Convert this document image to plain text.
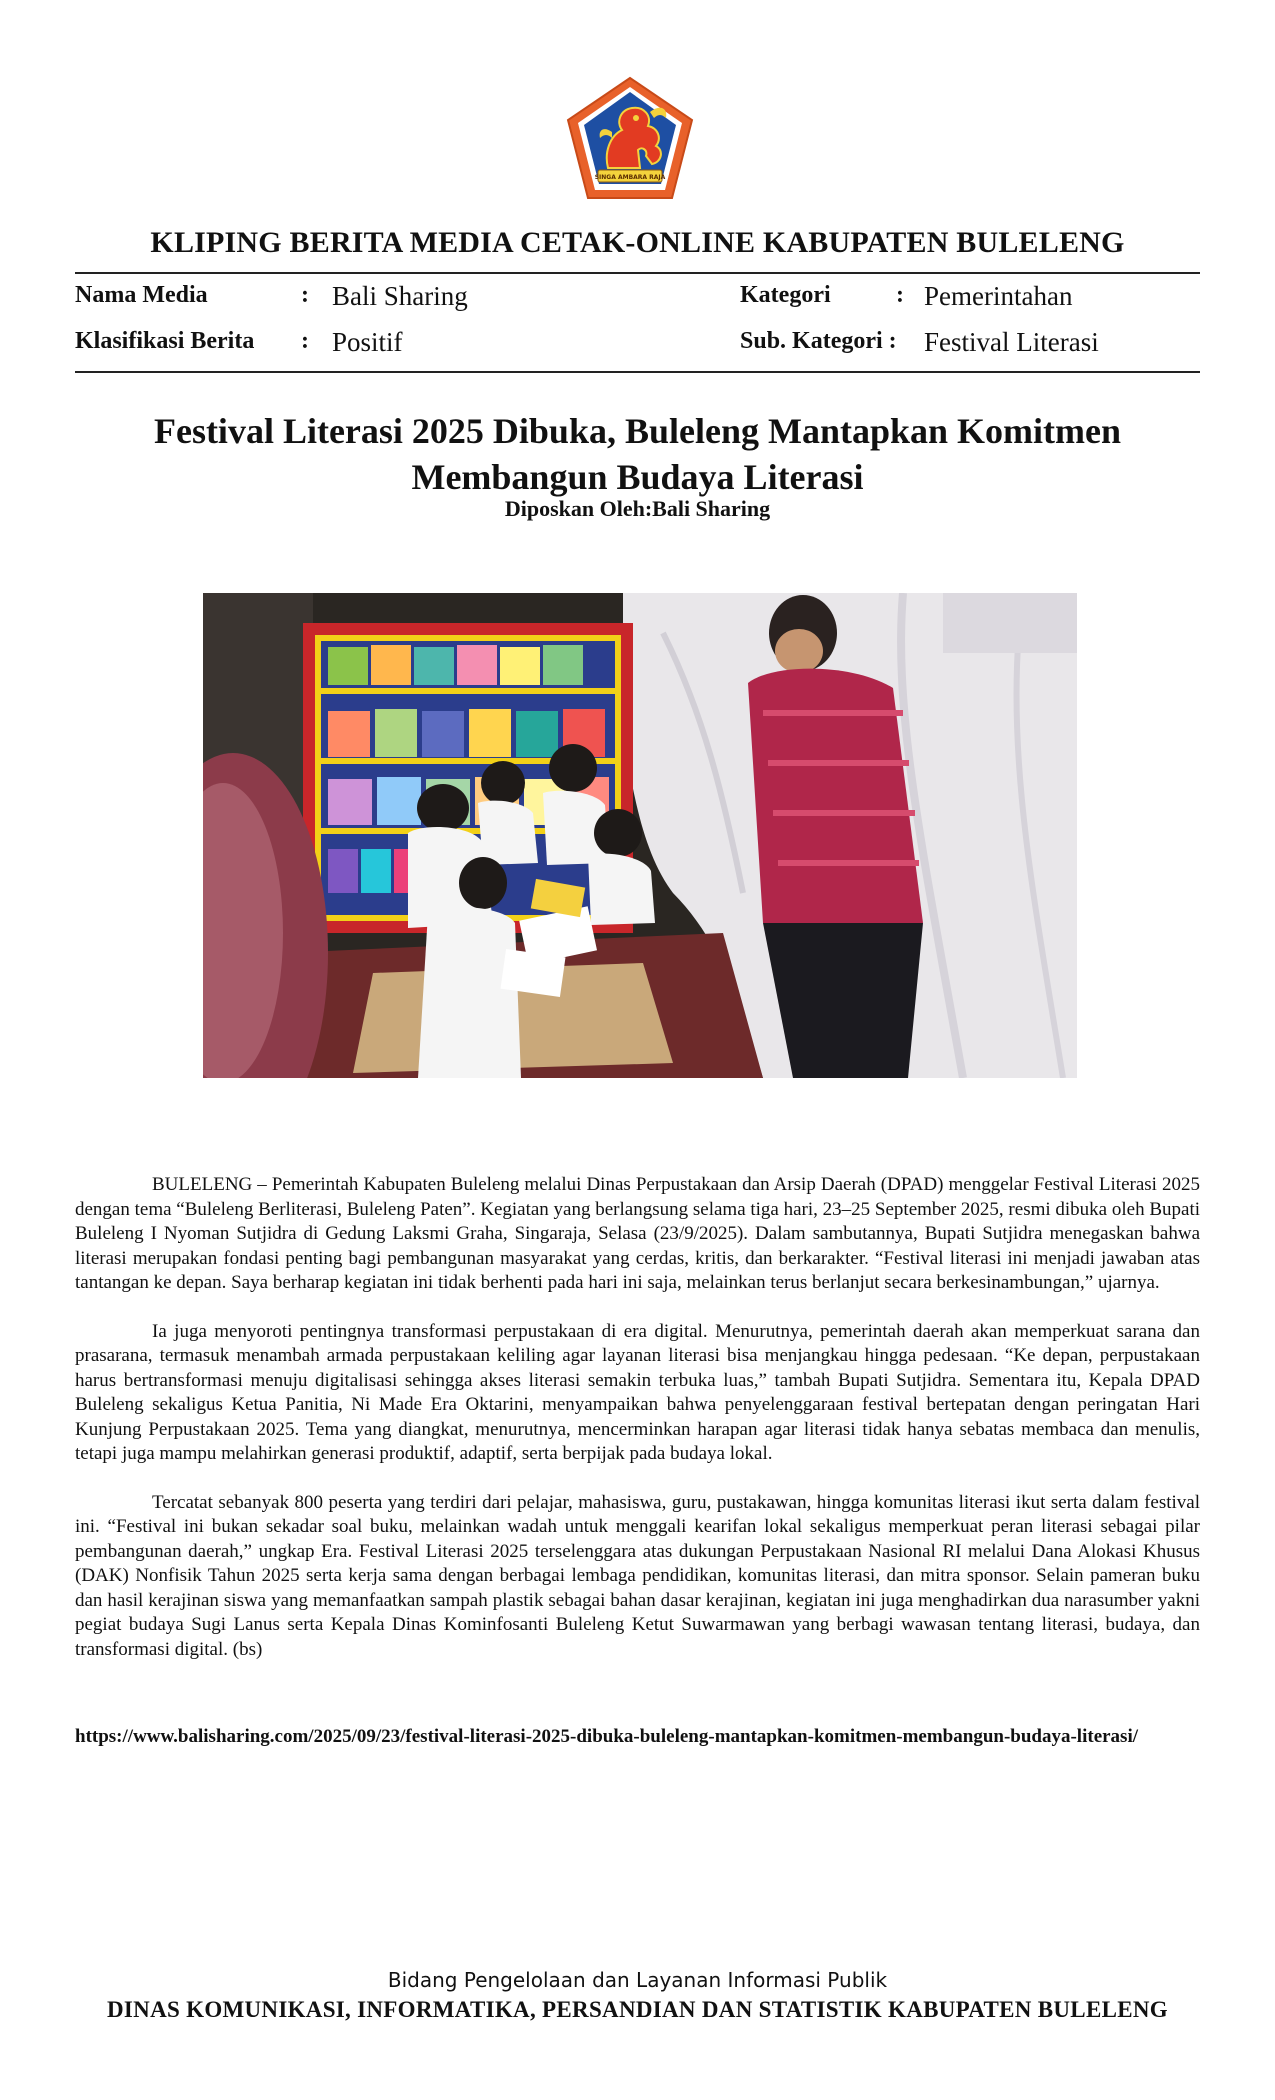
SINGA AMBARA RAJA
KLIPING BERITA MEDIA CETAK-ONLINE KABUPATEN BULELENG
Nama Media	: Bali Sharing
Klasifikasi Berita : Positif
Kategori	: Pemerintahan
Sub. Kategori : Festival Literasi
Festival Literasi 2025 Dibuka, Buleleng Mantapkan Komitmen Membangun Budaya Literasi
Diposkan Oleh:Bali Sharing

BULELENG – Pemerintah Kabupaten Buleleng melalui Dinas Perpustakaan dan Arsip Daerah (DPAD) menggelar Festival Literasi 2025 dengan tema “Buleleng Berliterasi, Buleleng Paten”. Kegiatan yang berlangsung selama tiga hari, 23–25 September 2025, resmi dibuka oleh Bupati Buleleng I Nyoman Sutjidra di Gedung Laksmi Graha, Singaraja, Selasa (23/9/2025). Dalam sambutannya, Bupati Sutjidra menegaskan bahwa literasi merupakan fondasi penting bagi pembangunan masyarakat yang cerdas, kritis, dan berkarakter. “Festival literasi ini menjadi jawaban atas tantangan ke depan. Saya berharap kegiatan ini tidak berhenti pada hari ini saja, melainkan terus berlanjut secara berkesinambungan,” ujarnya.

Ia juga menyoroti pentingnya transformasi perpustakaan di era digital. Menurutnya, pemerintah daerah akan memperkuat sarana dan prasarana, termasuk menambah armada perpustakaan keliling agar layanan literasi bisa menjangkau hingga pedesaan. “Ke depan, perpustakaan harus bertransformasi menuju digitalisasi sehingga akses literasi semakin terbuka luas,” tambah Bupati Sutjidra. Sementara itu, Kepala DPAD Buleleng sekaligus Ketua Panitia, Ni Made Era Oktarini, menyampaikan bahwa penyelenggaraan festival bertepatan dengan peringatan Hari Kunjung Perpustakaan 2025. Tema yang diangkat, menurutnya, mencerminkan harapan agar literasi tidak hanya sebatas membaca dan menulis, tetapi juga mampu melahirkan generasi produktif, adaptif, serta berpijak pada budaya lokal.

Tercatat sebanyak 800 peserta yang terdiri dari pelajar, mahasiswa, guru, pustakawan, hingga komunitas literasi ikut serta dalam festival ini. “Festival ini bukan sekadar soal buku, melainkan wadah untuk menggali kearifan lokal sekaligus memperkuat peran literasi sebagai pilar pembangunan daerah,” ungkap Era. Festival Literasi 2025 terselenggara atas dukungan Perpustakaan Nasional RI melalui Dana Alokasi Khusus (DAK) Nonfisik Tahun 2025 serta kerja sama dengan berbagai lembaga pendidikan, komunitas literasi, dan mitra sponsor. Selain pameran buku dan hasil kerajinan siswa yang memanfaatkan sampah plastik sebagai bahan dasar kerajinan, kegiatan ini juga menghadirkan dua narasumber yakni pegiat budaya Sugi Lanus serta Kepala Dinas Kominfosanti Buleleng Ketut Suwarmawan yang berbagi wawasan tentang literasi, budaya, dan transformasi digital. (bs)

https://www.balisharing.com/2025/09/23/festival-literasi-2025-dibuka-buleleng-mantapkan-komitmen-membangun-budaya-literasi/
Bidang Pengelolaan dan Layanan Informasi Publik
DINAS KOMUNIKASI, INFORMATIKA, PERSANDIAN DAN STATISTIK KABUPATEN BULELENG
